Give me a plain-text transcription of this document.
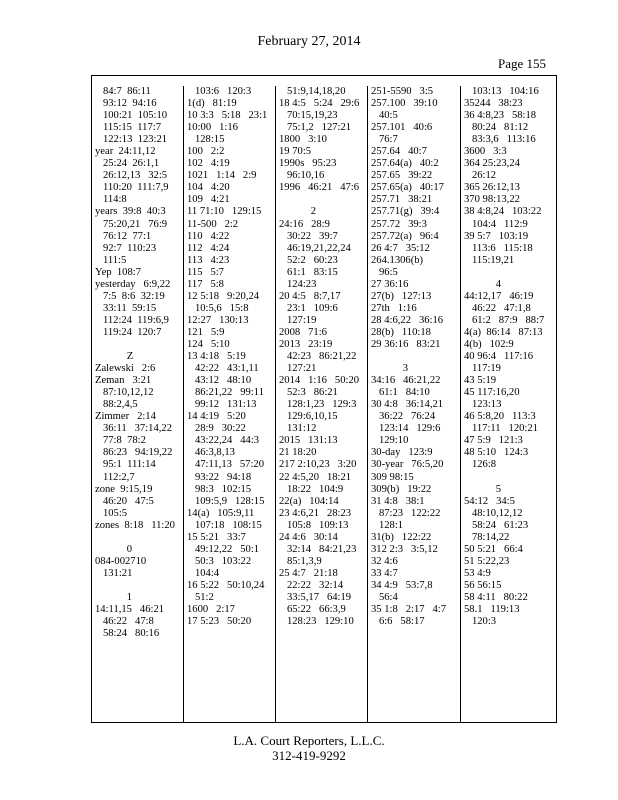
February 27, 2014
Page 155
84:7  86:11
93:12  94:16
100:21  105:10
115:15  117:7
122:13  123:21
year  24:11,12
25:24  26:1,1
26:12,13   32:5
110:20  111:7,9
114:8
years  39:8  40:3
75:20,21   76:9
76:12  77:1
92:7  110:23
111:5
Yep  108:7
yesterday   6:9,22
7:5  8:6  32:19
33:11  59:15
112:24  119:6,9
119:24  120:7
Z
Zalewski   2:6
Zeman   3:21
87:10,12,12
88:2,4,5
Zimmer   2:14
36:11   37:14,22
77:8  78:2
86:23   94:19,22
95:1  111:14
112:2,7
zone  9:15,19
46:20   47:5
105:5
zones  8:18   11:20
0
084-002710
131:21
1
14:11,15   46:21
46:22   47:8
58:24   80:16
103:6   120:3
1(d)   81:19
10 3:3   5:18   23:1
10:00   1:16
128:15
100   2:2
102   4:19
1021   1:14   2:9
104   4:20
109   4:21
11 71:10   129:15
11-500   2:2
110   4:22
112   4:24
113   4:23
115   5:7
117   5:8
12 5:18   9:20,24
10:5,6   15:8
12:27   130:13
121   5:9
124   5:10
13 4:18   5:19
42:22   43:1,11
43:12   48:10
86:21,22   99:11
99:12   131:13
14 4:19   5:20
28:9   30:22
43:22,24   44:3
46:3,8,13
47:11,13   57:20
93:22   94:18
98:3   102:15
109:5,9   128:15
14(a)   105:9,11
107:18   108:15
15 5:21   33:7
49:12,22   50:1
50:3   103:22
104:4
16 5:22   50:10,24
51:2
1600   2:17
17 5:23   50:20
51:9,14,18,20
18 4:5   5:24   29:6
70:15,19,23
75:1,2   127:21
1800   3:10
19 70:5
1990s   95:23
96:10,16
1996   46:21   47:6
2
24:16   28:9
30:22   39:7
46:19,21,22,24
52:2   60:23
61:1   83:15
124:23
20 4:5   8:7,17
23:1   109:6
127:19
2008   71:6
2013   23:19
42:23   86:21,22
127:21
2014   1:16   50:20
52:3   86:21
128:1,23   129:3
129:6,10,15
131:12
2015   131:13
21 18:20
217 2:10,23   3:20
22 4:5,20   18:21
18:22   104:9
22(a)   104:14
23 4:6,21   28:23
105:8   109:13
24 4:6   30:14
32:14   84:21,23
85:1,3,9
25 4:7   21:18
22:22   32:14
33:5,17   64:19
65:22   66:3,9
128:23   129:10
251-5590   3:5
257.100   39:10
40:5
257.101   40:6
76:7
257.64   40:7
257.64(a)   40:2
257.65   39:22
257.65(a)   40:17
257.71   38:21
257.71(g)   39:4
257.72   39:3
257.72(a)   96:4
26 4:7   35:12
264.1306(b)
96:5
27 36:16
27(b)   127:13
27th   1:16
28 4:6,22   36:16
28(b)   110:18
29 36:16   83:21
3
34:16   46:21,22
61:1   84:10
30 4:8   36:14,21
36:22   76:24
123:14   129:6
129:10
30-day   123:9
30-year   76:5,20
309 98:15
309(b)   19:22
31 4:8   38:1
87:23   122:22
128:1
31(b)   122:22
312 2:3   3:5,12
32 4:6
33 4:7
34 4:9   53:7,8
56:4
35 1:8   2:17   4:7
6:6   58:17
103:13   104:16
35244   38:23
36 4:8,23   58:18
80:24   81:12
83:3,6   113:16
3600   3:3
364 25:23,24
26:12
365 26:12,13
370 98:13,22
38 4:8,24   103:22
104:4   112:9
39 5:7   103:19
113:6   115:18
115:19,21
4
44:12,17   46:19
46:22   47:1,8
61:2   87:9   88:7
4(a)  86:14   87:13
4(b)   102:9
40 96:4   117:16
117:19
43 5:19
45 117:16,20
123:13
46 5:8,20   113:3
117:11   120:21
47 5:9   121:3
48 5:10   124:3
126:8
5
54:12   34:5
48:10,12,12
58:24   61:23
78:14,22
50 5:21   66:4
51 5:22,23
53 4:9
56 56:15
58 4:11   80:22
58.1   119:13
120:3
L.A. Court Reporters, L.L.C.
312-419-9292
